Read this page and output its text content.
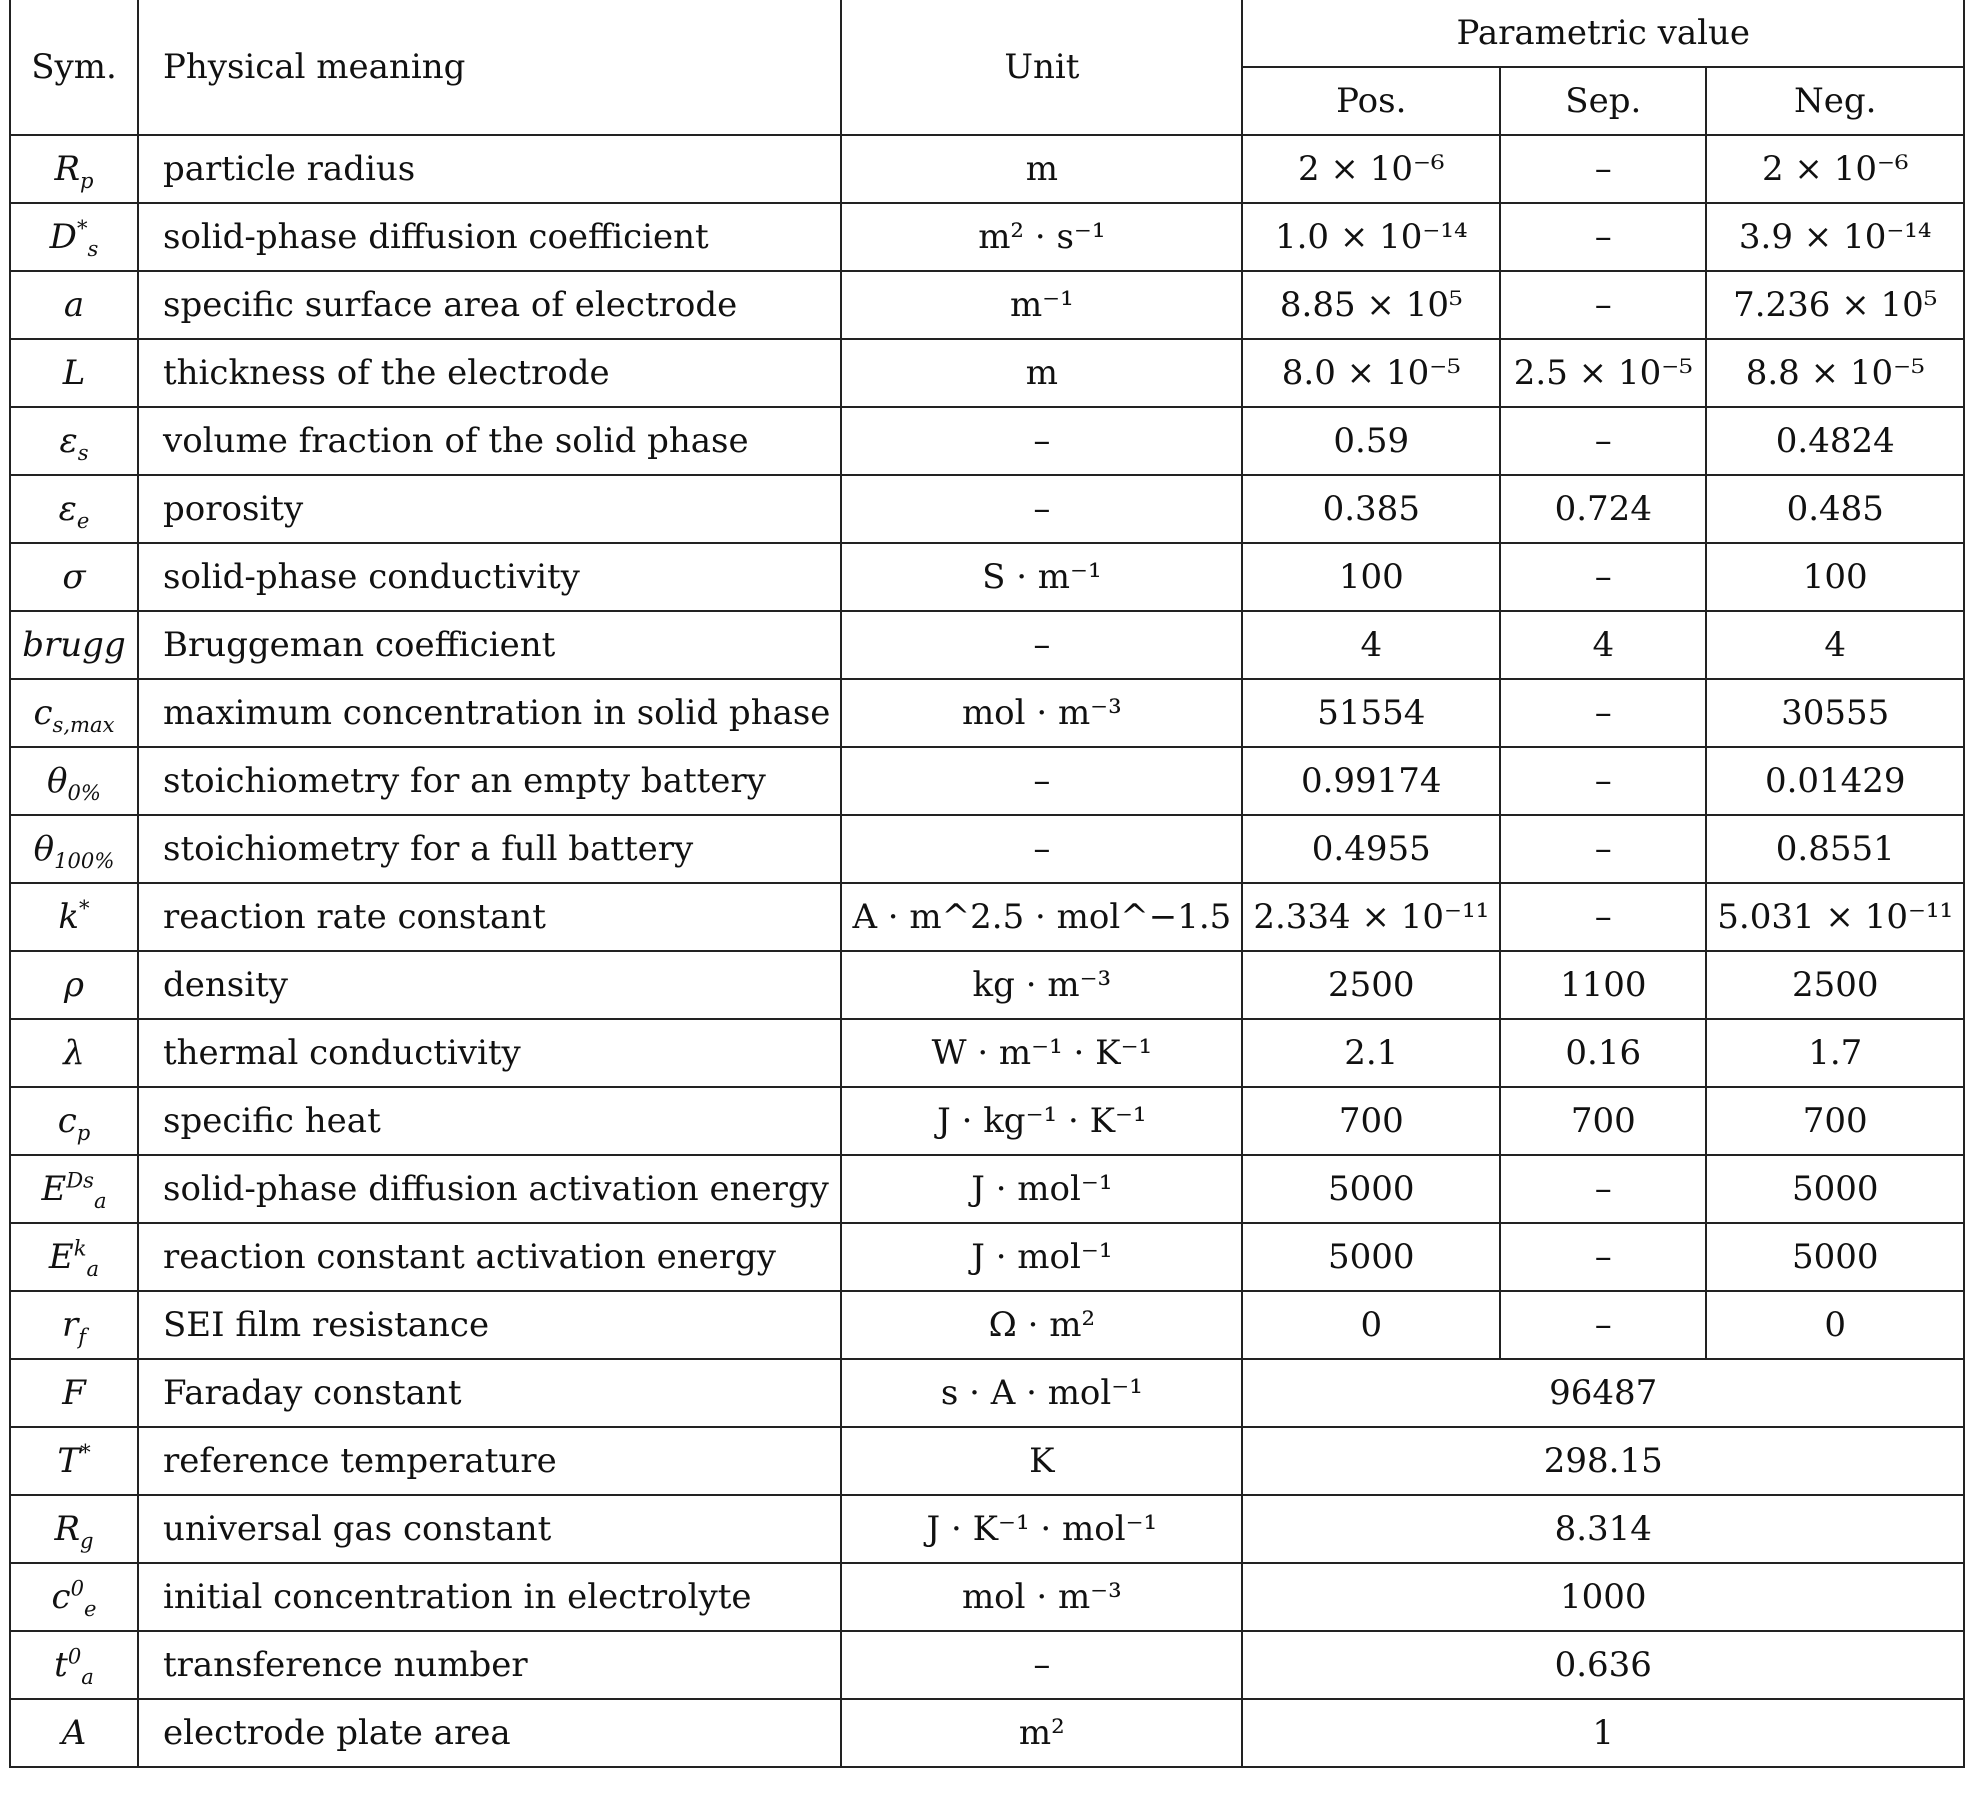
Sym.	Physical meaning	Unit	Parametric value		
			Pos.	Sep.	Neg.
$R_p$	particle radius	m	2 × 10⁻⁶	–	2 × 10⁻⁶
$D^*_s$	solid-phase diffusion coefficient	m² · s⁻¹	1.0 × 10⁻¹⁴	–	3.9 × 10⁻¹⁴
a	specific surface area of electrode	m⁻¹	8.85 × 10⁵	–	7.236 × 10⁵
L	thickness of the electrode	m	8.0 × 10⁻⁵	2.5 × 10⁻⁵	8.8 × 10⁻⁵
$\varepsilon_s$	volume fraction of the solid phase	–	0.59	–	0.4824
$\varepsilon_e$	porosity	–	0.385	0.724	0.485
σ	solid-phase conductivity	S · m⁻¹	100	–	100
brugg	Bruggeman coefficient	–	4	4	4
$c_{s,max}$	maximum concentration in solid phase	mol · m⁻³	51554	–	30555
$\theta_{0\%}$	stoichiometry for an empty battery	–	0.99174	–	0.01429
$\theta_{100\%}$	stoichiometry for a full battery	–	0.4955	–	0.8551
k*	reaction rate constant	A · m^2.5 · mol^−1.5	2.334 × 10⁻¹¹	–	5.031 × 10⁻¹¹
ρ	density	kg · m⁻³	2500	1100	2500
λ	thermal conductivity	W · m⁻¹ · K⁻¹	2.1	0.16	1.7
$c_p$	specific heat	J · kg⁻¹ · K⁻¹	700	700	700
$E^{Ds}_a$	solid-phase diffusion activation energy	J · mol⁻¹	5000	–	5000
$E^k_a$	reaction constant activation energy	J · mol⁻¹	5000	–	5000
$r_f$	SEI film resistance	Ω · m²	0	–	0
F	Faraday constant	s · A · mol⁻¹	96487		
T*	reference temperature	K	298.15		
$R_g$	universal gas constant	J · K⁻¹ · mol⁻¹	8.314		
$c^0_e$	initial concentration in electrolyte	mol · m⁻³	1000		
$t^0_a$	transference number	–	0.636		
A	electrode plate area	m²	1		
